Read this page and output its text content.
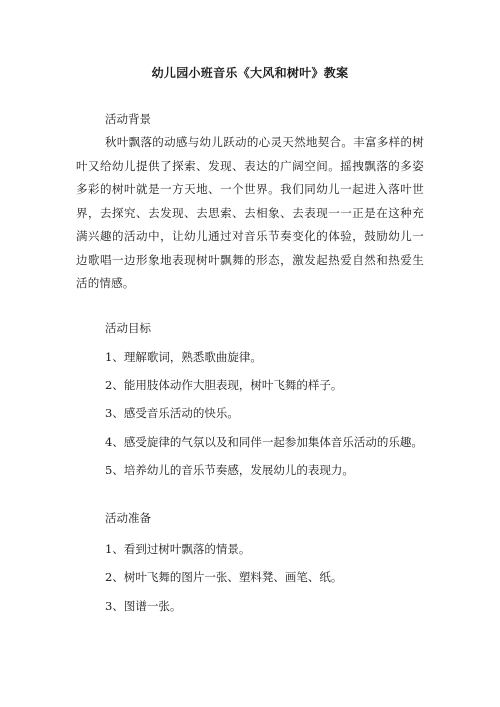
幼儿园小班音乐《大风和树叶》教案
活动背景

秋叶飘落的动感与幼儿跃动的心灵天然地契合。丰富多样的树叶又给幼儿提供了探索、发现、表达的广阔空间。摇拽飘落的多姿多彩的树叶就是一方天地、一个世界。我们同幼儿一起进入落叶世界，去探究、去发现、去思索、去相象、去表现一一正是在这种充满兴趣的活动中，让幼儿通过对音乐节奏变化的体验，鼓励幼儿一边歌唱一边形象地表现树叶飘舞的形态，激发起热爱自然和热爱生活的情感。

活动目标
1、理解歌词，熟悉歌曲旋律。
2、能用肢体动作大胆表现，树叶飞舞的样子。
3、感受音乐活动的快乐。
4、感受旋律的气氛以及和同伴一起参加集体音乐活动的乐趣。
5、培养幼儿的音乐节奏感，发展幼儿的表现力。
活动准备
1、看到过树叶飘落的情景。
2、树叶飞舞的图片一张、塑料凳、画笔、纸。
3、图谱一张。
